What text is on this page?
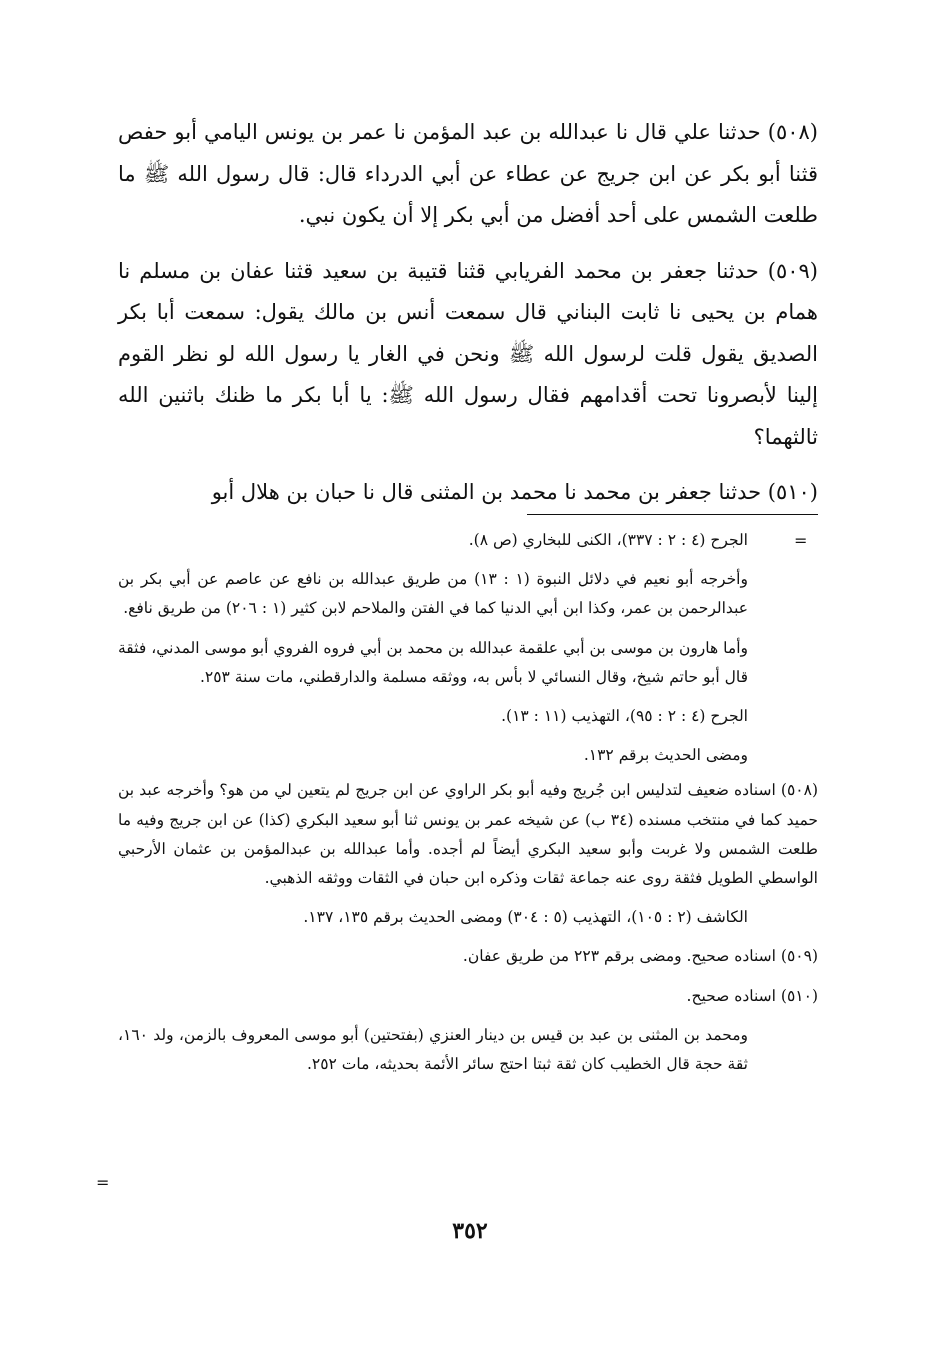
(٥٠٨) حدثنا علي قال نا عبدالله بن عبد المؤمن نا عمر بن يونس اليامي أبو حفص قثنا أبو بكر عن ابن جريج عن عطاء عن أبي الدرداء قال: قال رسول الله ﷺ ما طلعت الشمس على أحد أفضل من أبي بكر إلا أن يكون نبي.

(٥٠٩) حدثنا جعفر بن محمد الفريابي قثنا قتيبة بن سعيد قثنا عفان بن مسلم نا همام بن يحيى نا ثابت البناني قال سمعت أنس بن مالك يقول: سمعت أبا بكر الصديق يقول قلت لرسول الله ﷺ ونحن في الغار يا رسول الله لو نظر القوم إلينا لأبصرونا تحت أقدامهم فقال رسول الله ﷺ: يا أبا بكر ما ظنك باثنين الله ثالثهما؟

(٥١٠) حدثنا جعفر بن محمد نا محمد بن المثنى قال نا حبان بن هلال أبو

=

الجرح (٤ : ٢ : ٣٣٧)، الكنى للبخاري (ص ٨).

وأخرجه أبو نعيم في دلائل النبوة (١ : ١٣) من طريق عبدالله بن نافع عن عاصم عن أبي بكر بن عبدالرحمن بن عمر، وكذا ابن أبي الدنيا كما في الفتن والملاحم لابن كثير (١ : ٢٠٦) من طريق نافع.

وأما هارون بن موسى بن أبي علقمة عبدالله بن محمد بن أبي فروه الفروي أبو موسى المدني، فثقة قال أبو حاتم شيخ، وقال النسائي لا بأس به، ووثقه مسلمة والدارقطني، مات سنة ٢٥٣.

الجرح (٤ : ٢ : ٩٥)، التهذيب (١١ : ١٣).

ومضى الحديث برقم ١٣٢.

(٥٠٨) اسناده ضعيف لتدليس ابن جُريج وفيه أبو بكر الراوي عن ابن جريج لم يتعين لي من هو؟ وأخرجه عبد بن حميد كما في منتخب مسنده (٣٤ ب) عن شيخه عمر بن يونس ثنا أبو سعيد البكري (كذا) عن ابن جريج وفيه ما طلعت الشمس ولا غربت وأبو سعيد البكري أيضاً لم أجده. وأما عبدالله بن عبدالمؤمن بن عثمان الأرحبي الواسطي الطويل فثقة روى عنه جماعة ثقات وذكره ابن حبان في الثقات ووثقه الذهبي.

الكاشف (٢ : ١٠٥)، التهذيب (٥ : ٣٠٤) ومضى الحديث برقم ١٣٥، ١٣٧.

(٥٠٩) اسناده صحيح. ومضى برقم ٢٢٣ من طريق عفان.

(٥١٠) اسناده صحيح.

ومحمد بن المثنى بن عبد بن قيس بن دينار العنزي (بفتحتين) أبو موسى المعروف بالزمن، ولد ١٦٠، ثقة حجة قال الخطيب كان ثقة ثبتا احتج سائر الأئمة بحديثه، مات ٢٥٢.

=
٣٥٢
